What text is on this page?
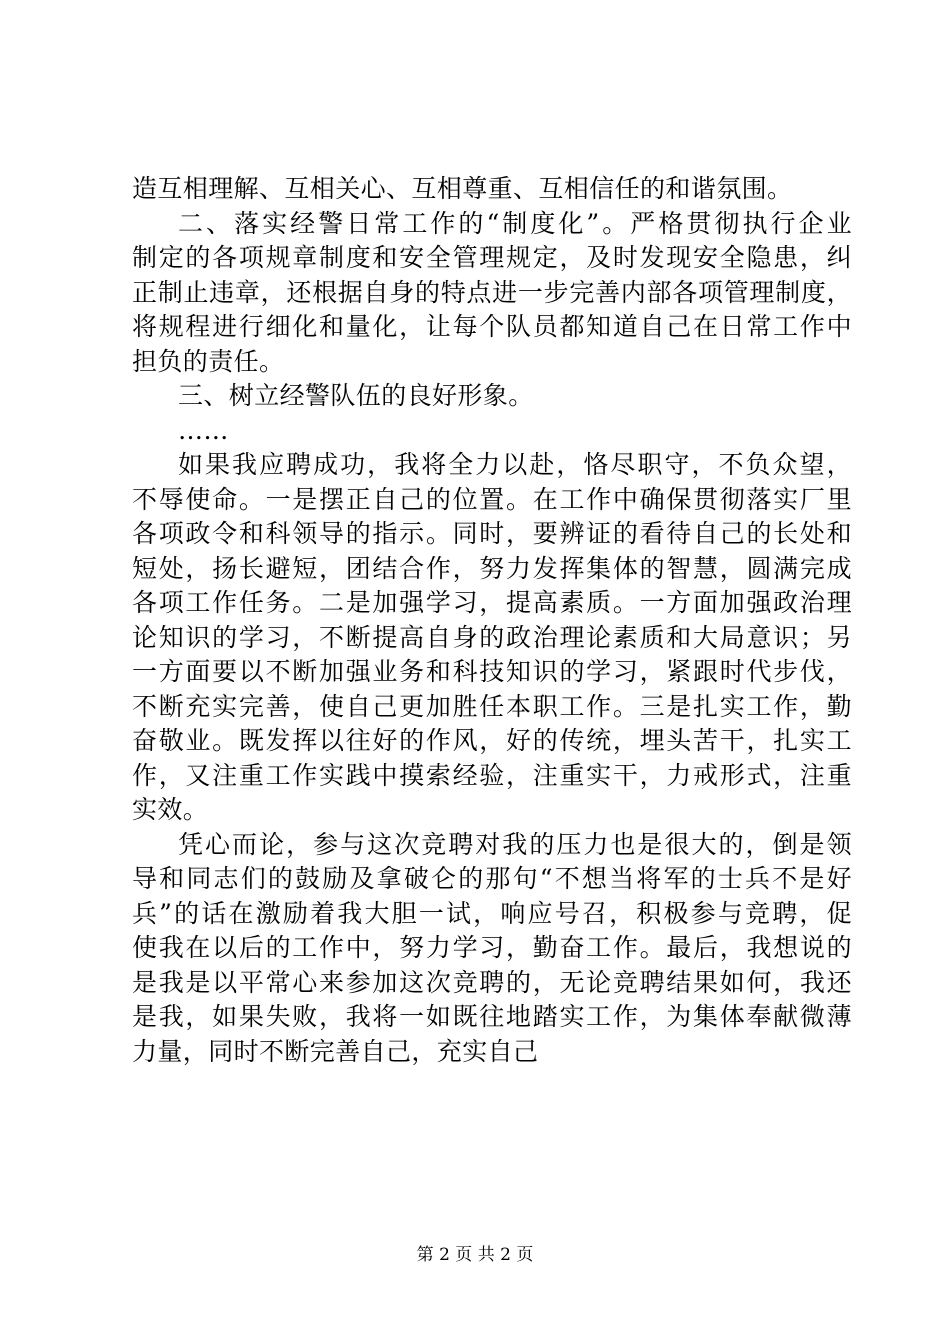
造互相理解、互相关心、互相尊重、互相信任的和谐氛围。
二、落实经警日常工作的“制度化”。严格贯彻执行企业
制定的各项规章制度和安全管理规定，及时发现安全隐患，纠
正制止违章，还根据自身的特点进一步完善内部各项管理制度，
将规程进行细化和量化，让每个队员都知道自己在日常工作中
担负的责任。
三、树立经警队伍的良好形象。
……
如果我应聘成功，我将全力以赴，恪尽职守，不负众望，
不辱使命。一是摆正自己的位置。在工作中确保贯彻落实厂里
各项政令和科领导的指示。同时，要辨证的看待自己的长处和
短处，扬长避短，团结合作，努力发挥集体的智慧，圆满完成
各项工作任务。二是加强学习，提高素质。一方面加强政治理
论知识的学习，不断提高自身的政治理论素质和大局意识；另
一方面要以不断加强业务和科技知识的学习，紧跟时代步伐，
不断充实完善，使自己更加胜任本职工作。三是扎实工作，勤
奋敬业。既发挥以往好的作风，好的传统，埋头苦干，扎实工
作，又注重工作实践中摸索经验，注重实干，力戒形式，注重
实效。
凭心而论，参与这次竞聘对我的压力也是很大的，倒是领
导和同志们的鼓励及拿破仑的那句“不想当将军的士兵不是好
兵”的话在激励着我大胆一试，响应号召，积极参与竞聘，促
使我在以后的工作中，努力学习，勤奋工作。最后，我想说的
是我是以平常心来参加这次竞聘的，无论竞聘结果如何，我还
是我，如果失败，我将一如既往地踏实工作，为集体奉献微薄
力量，同时不断完善自己，充实自己
第 2 页 共 2 页
